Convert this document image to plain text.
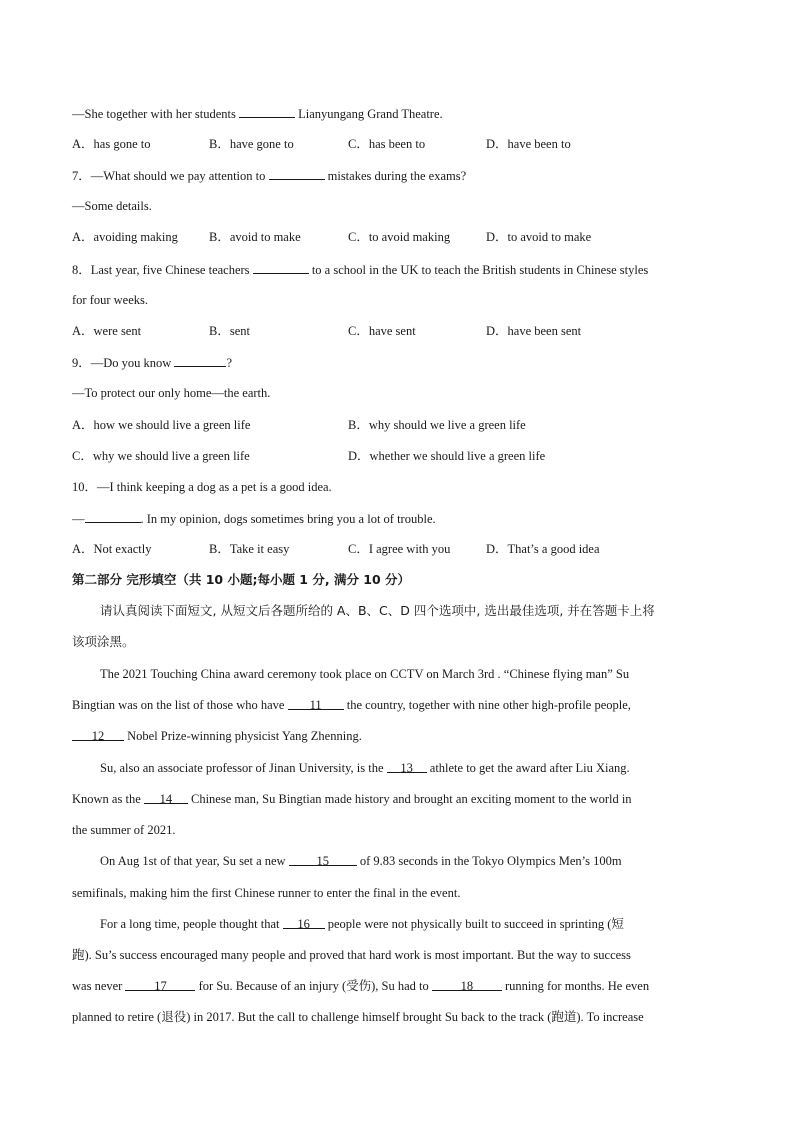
—She together with her students	Lianyungang Grand Theatre.
A．has gone to	B．have gone to	C．has been to	D．have been to
7．—What should we pay attention to	mistakes during the exams?
—Some details.
A．avoiding making B．avoid to make	C．to avoid making	D．to avoid to make
8．Last year, five Chinese teachers	to a school in the UK to teach the British students in Chinese styles
for four weeks.
A．were sent	B．sent	C．have sent	D．have been sent
9．—Do you know	?
—To protect our only home—the earth.
A．how we should live a green life	B．why should we live a green life
C．why we should live a green life	D．whether we should live a green life
10．—I think keeping a dog as a pet is a good idea.
—	. In my opinion, dogs sometimes bring you a lot of trouble.
A．Not exactly	B．Take it easy	C．I agree with you	D．That’s a good idea
第二部分 完形填空（共 10 小题;每小题 1 分, 满分 10 分）
请认真阅读下面短文, 从短文后各题所给的 A、B、C、D 四个选项中, 选出最佳选项, 并在答题卡上将
该项涂黑。
The 2021 Touching China award ceremony took place on CCTV on March 3rd . “Chinese flying man” Su
Bingtian was on the list of those who have 11 the country, together with nine other high-profile people,
12 Nobel Prize-winning physicist Yang Zhenning.
Su, also an associate professor of Jinan University, is the 13 athlete to get the award after Liu Xiang.
Known as the 14 Chinese man, Su Bingtian made history and brought an exciting moment to the world in
the summer of 2021.
On Aug 1st of that year, Su set a new 15 of 9.83 seconds in the Tokyo Olympics Men’s 100m
semifinals, making him the first Chinese runner to enter the final in the event.
For a long time, people thought that 16 people were not physically built to succeed in sprinting (短
跑). Su’s success encouraged many people and proved that hard work is most important. But the way to success
was never 17 for Su. Because of an injury (受伤), Su had to 18 running for months. He even
planned to retire (退役) in 2017. But the call to challenge himself brought Su back to the track (跑道). To increase
